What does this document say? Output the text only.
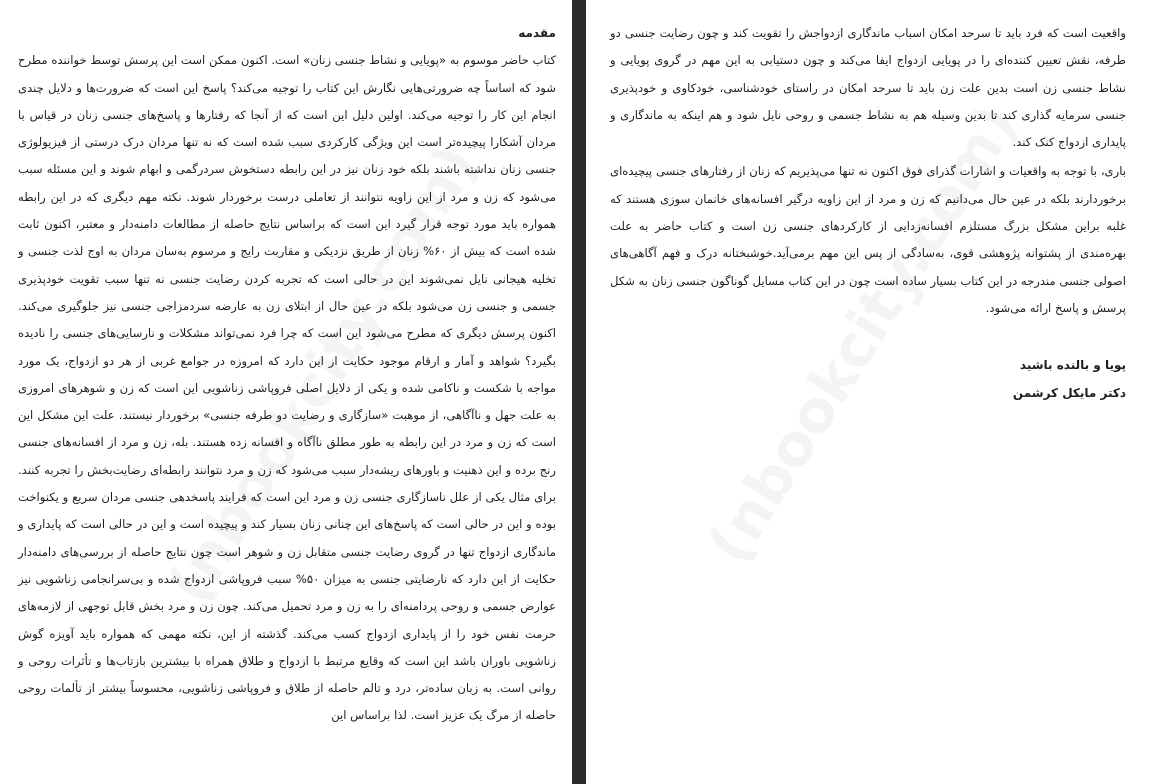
مقدمه

کتاب حاضر موسوم به «پویایی و نشاط جنسی زنان» است. اکنون ممکن است این پرسش توسط خواننده مطرح شود که اساساً چه ضرورتی‌هایی نگارش این کتاب را توجیه می‌کند؟ پاسخ این است که ضرورت‌ها و دلایل چندی انجام این کار را توجیه می‌کند. اولین دلیل این است که از آنجا که رفتارها و پاسخ‌های جنسی زنان در قیاس با مردان آشکارا پیچیده‌تر است این ویژگی کارکردی سبب شده است که نه تنها مردان درک درستی از فیزیولوژی جنسی زنان نداشته باشند بلکه خود زنان نیز در این رابطه دستخوش سردرگمی و ابهام شوند و این مسئله سبب می‌شود که زن و مرد از این زاویه نتوانند از تعاملی درست برخوردار شوند. نکته مهم دیگری که در این رابطه همواره باید مورد توجه قرار گیرد این است که براساس نتایج حاصله از مطالعات دامنه‌دار و معتبر، اکنون ثابت شده است که بیش از ۶۰% زنان از طریق نزدیکی و مقاربت رایج و مرسوم به‌سان مردان به اوج لذت جنسی و تخلیه هیجانی نایل نمی‌شوند این در حالی است که تجربه کردن رضایت جنسی نه تنها سبب تقویت خودپذیری جسمی و جنسی زن می‌شود بلکه در عین حال از ابتلای زن به عارضه سردمزاجی جنسی نیز جلوگیری می‌کند. اکنون پرسش دیگری که مطرح می‌شود این است که چرا فرد نمی‌تواند مشکلات و نارسایی‌های جنسی را نادیده بگیرد؟ شواهد و آمار و ارقام موجود حکایت از این دارد که امروزه در جوامع غربی از هر دو ازدواج، یک مورد مواجه با شکست و ناکامی شده و یکی از دلایل اصلی فروپاشی زناشویی این است که زن و شوهرهای امروزی به علت جهل و ناآگاهی، از موهبت «سازگاری و رضایت دو طرفه جنسی» برخوردار نیستند. علت این مشکل این است که زن و مرد در این رابطه به طور مطلق ناآگاه و افسانه زده هستند. بله، زن و مرد از افسانه‌های جنسی رنج برده و این ذهنیت و باورهای ریشه‌دار سبب می‌شود که زن و مرد نتوانند رابطه‌ای رضایت‌بخش را تجربه کنند. برای مثال یکی از علل ناسازگاری جنسی زن و مرد این است که فرایند پاسخدهی جنسی مردان سریع و یکنواخت بوده و این در حالی است که پاسخ‌های این چنانی زنان بسیار کند و پیچیده است و این در حالی است که پایداری و ماندگاری ازدواج تنها در گروی رضایت جنسی متقابل زن و شوهر است چون نتایج حاصله از بررسی‌های دامنه‌دار حکایت از این دارد که نارضایتی جنسی به میزان ۵۰% سبب فروپاشی ازدواج شده و بی‌سرانجامی زناشویی نیز عوارض جسمی و روحی پردامنه‌ای را به زن و مرد تحمیل می‌کند. چون زن و مرد بخش قابل توجهی از لازمه‌های حرمت نفس خود را از پایداری ازدواج کسب می‌کند. گذشته از این، نکته مهمی که همواره باید آویزه گوش زناشویی باوران باشد این است که وقایع مرتبط با ازدواج و طلاق همراه با بیشترین بازتاب‌ها و تأثرات روحی و روانی است. به زبان ساده‌تر، درد و تالم حاصله از طلاق و فروپاشی زناشویی، محسوساً بیشتر از تألمات روحی حاصله از مرگ یک عزیز است. لذا براساس این

واقعیت است که فرد باید تا سرحد امکان اسباب ماندگاری ازدواجش را تقویت کند و چون رضایت جنسی دو طرفه، نقش تعیین کننده‌ای را در پویایی ازدواج ایفا می‌کند و چون دستیابی به این مهم در گروی پویایی و نشاط جنسی زن است بدین علت زن باید تا سرحد امکان در راستای خودشناسی، خودکاوی و خودپذیری جنسی سرمایه گذاری کند تا بدین وسیله هم به نشاط جسمی و روحی نایل شود و هم اینکه به ماندگاری و پایداری ازدواج کنک کند.

باری، با توجه به واقعیات و اشارات گذرای فوق اکنون نه تنها می‌پذیریم که زنان از رفتارهای جنسی پیچیده‌ای برخوردارند بلکه در عین حال می‌دانیم که زن و مرد از این زاویه درگیر افسانه‌های خانمان سوزی هستند که غلبه براین مشکل بزرگ مستلزم افسانه‌زدایی از کارکردهای جنسی زن است و کتاب حاضر به علت بهره‌مندی از پشتوانه پژوهشی قوی، به‌سادگی از پس این مهم برمی‌آید.خوشبختانه درک و فهم آگاهی‌های اصولی جنسی مندرجه در این کتاب بسیار ساده است چون در این کتاب مسایل گوناگون جنسی زنان به شکل پرسش و پاسخ ارائه می‌شود.

پویا و بالنده باشید

دکتر مایکل کرشمن
